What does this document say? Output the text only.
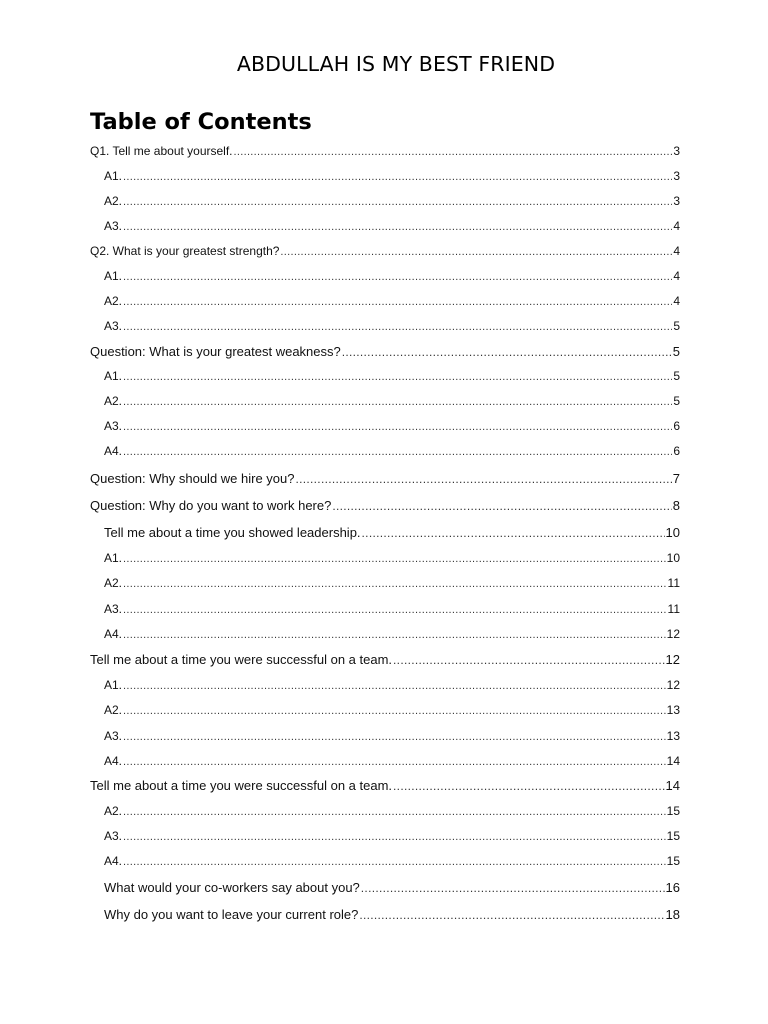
ABDULLAH IS MY BEST FRIEND
Table of Contents
Q1. Tell me about yourself. .....	3
A1. .....	3
A2. .....	3
A3. .....	4
Q2. What is your greatest strength? .....	4
A1. .....	4
A2. .....	4
A3. .....	5
Question: What is your greatest weakness? .....	5
A1. .....	5
A2. .....	5
A3. .....	6
A4. .....	6
Question: Why should we hire you? .....	7
Question: Why do you want to work here? .....	8
Tell me about a time you showed leadership. .....	10
A1. .....	10
A2. .....	11
A3. .....	11
A4. .....	12
Tell me about a time you were successful on a team. .....	12
A1. .....	12
A2. .....	13
A3. .....	13
A4. .....	14
Tell me about a time you were successful on a team. .....	14
A2. .....	15
A3. .....	15
A4. .....	15
What would your co-workers say about you? .....	16
Why do you want to leave your current role? .....	18
